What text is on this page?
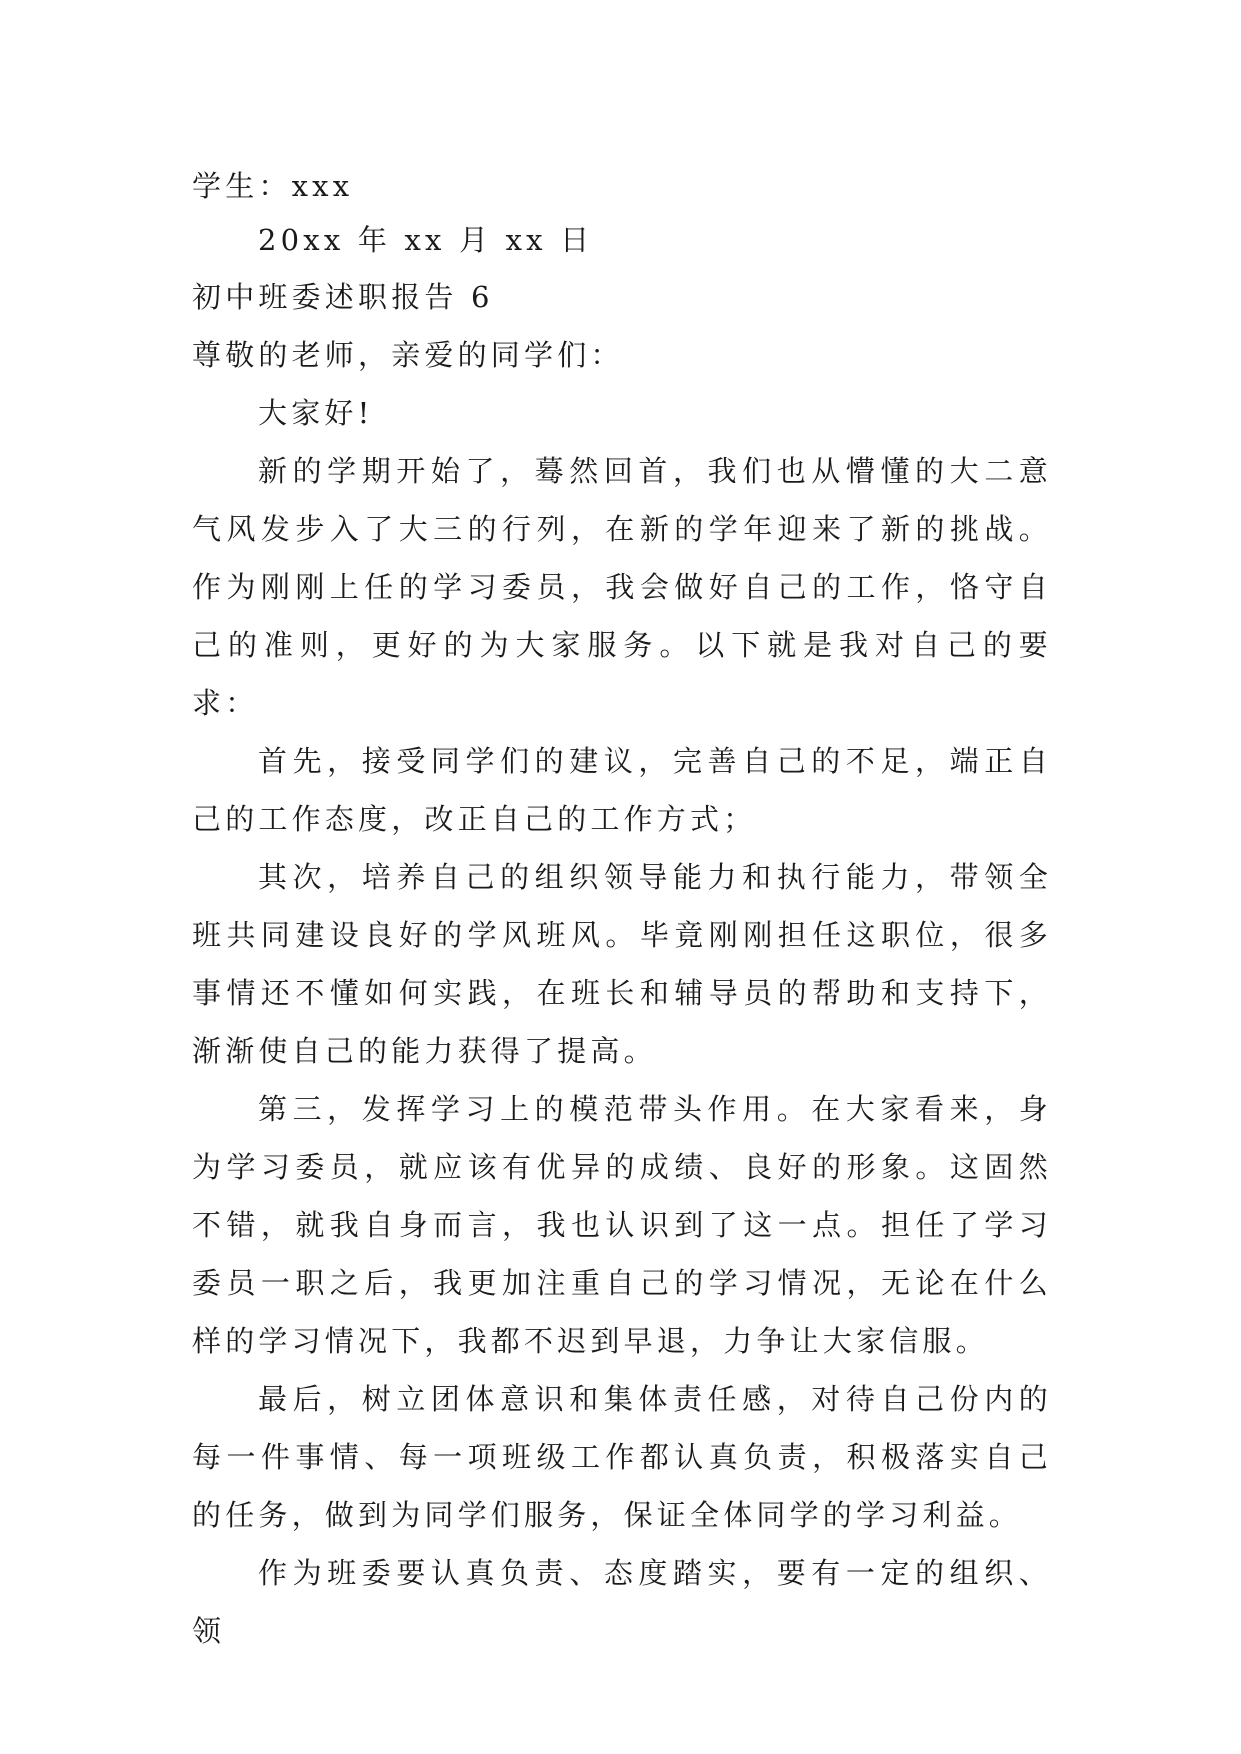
学生：xxx
20xx 年 xx 月 xx 日
初中班委述职报告 6
尊敬的老师，亲爱的同学们：
大家好!

新的学期开始了，蓦然回首，我们也从懵懂的大二意气风发步入了大三的行列，在新的学年迎来了新的挑战。作为刚刚上任的学习委员，我会做好自己的工作，恪守自己的准则，更好的为大家服务。以下就是我对自己的要求：

首先，接受同学们的建议，完善自己的不足，端正自己的工作态度，改正自己的工作方式；

其次，培养自己的组织领导能力和执行能力，带领全班共同建设良好的学风班风。毕竟刚刚担任这职位，很多事情还不懂如何实践，在班长和辅导员的帮助和支持下，渐渐使自己的能力获得了提高。

第三，发挥学习上的模范带头作用。在大家看来，身为学习委员，就应该有优异的成绩、良好的形象。这固然不错，就我自身而言，我也认识到了这一点。担任了学习委员一职之后，我更加注重自己的学习情况，无论在什么样的学习情况下，我都不迟到早退，力争让大家信服。

最后，树立团体意识和集体责任感，对待自己份内的每一件事情、每一项班级工作都认真负责，积极落实自己的任务，做到为同学们服务，保证全体同学的学习利益。

作为班委要认真负责、态度踏实，要有一定的组织、领
